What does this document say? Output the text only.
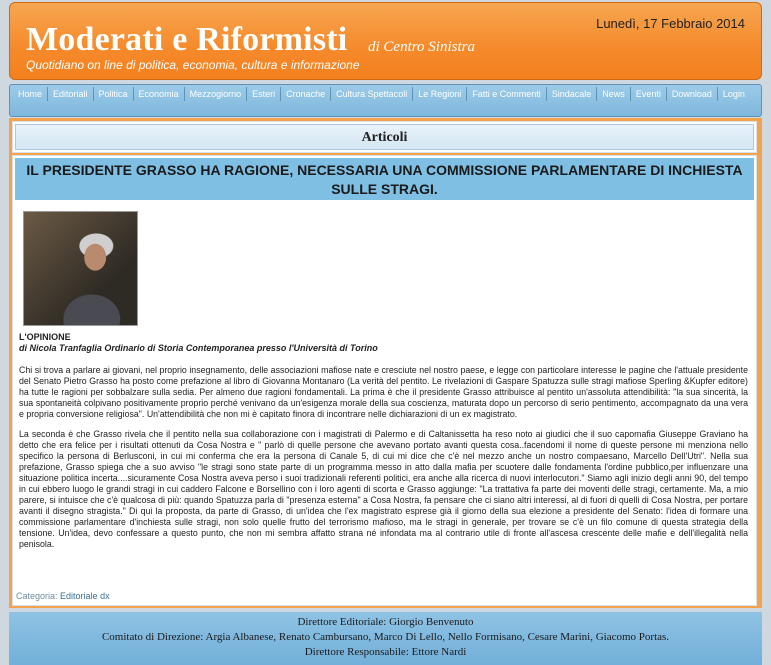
Moderati e Riformisti di Centro Sinistra
Quotidiano on line di politica, economia, cultura e informazione
Lunedì, 17 Febbraio 2014
Home	Editoriali	Politica	Economia	Mezzogiorno	Esteri	Cronache	Cultura Spettacoli	Le Regioni	Fatti e Commenti	Sindacale	News	Eventi	Download	Login
Articoli
IL PRESIDENTE GRASSO HA RAGIONE, NECESSARIA UNA COMMISSIONE PARLAMENTARE DI INCHIESTA SULLE STRAGI.
L'OPINIONE
di Nicola Tranfaglia Ordinario di Storia Contemporanea presso l'Università di Torino

Chi si trova a parlare ai giovani, nel proprio insegnamento, delle associazioni mafiose nate e cresciute nel nostro paese, e legge con particolare interesse le pagine che l'attuale presidente del Senato Pietro Grasso ha posto come prefazione al libro di Giovanna Montanaro (La verità del pentito. Le rivelazioni di Gaspare Spatuzza sulle stragi mafiose Sperling &Kupfer editore) ha tutte le ragioni per sobbalzare sulla sedia. Per almeno due ragioni fondamentali. La prima è che il presidente Grasso attribuisce al pentito un'assoluta attendibilità: "la sua sincerità, la sua spontaneità colpivano positivamente proprio perché venivano da un'esigenza morale della sua coscienza, maturata dopo un percorso di serio pentimento, accompagnato da una vera e propria conversione religiosa". Un'attendibilità che non mi è capitato finora di incontrare nelle dichiarazioni di un ex magistrato.

La seconda è che Grasso rivela che il pentito nella sua collaborazione con i magistrati di Palermo e di Caltanissetta ha reso noto ai giudici che il suo capomafia Giuseppe Graviano ha detto che era felice per i risultati ottenuti da Cosa Nostra e " parlò di quelle persone che avevano portato avanti questa cosa..facendomi il nome di queste persone mi menziona nello specifico la persona di Berlusconi, in cui mi conferma che era la persona di Canale 5, di cui mi dice che c'è nel mezzo anche un nostro compaesano, Marcello Dell'Utri". Nella sua prefazione, Grasso spiega che a suo avviso "le stragi sono state parte di un programma messo in atto dalla mafia per scuotere dalle fondamenta l'ordine pubblico,per influenzare una situazione politica incerta....sicuramente Cosa Nostra aveva perso i suoi tradizionali referenti politici, era anche alla ricerca di nuovi interlocutori." Siamo agli inizio degli anni 90, del tempo in cui ebbero luogo le grandi stragi in cui caddero Falcone e Borsellino con i loro agenti di scorta e Grasso aggiunge: "La trattativa fa parte dei moventi delle stragi, certamente. Ma, a mio parere, si intuisce che c'è qualcosa di più: quando Spatuzza parla di "presenza esterna" a Cosa Nostra, fa pensare che ci siano altri interessi, al di fuori di quelli di Cosa Nostra, per portare avanti il disegno stragista." Di qui la proposta, da parte di Grasso, di un'idea che l'ex magistrato esprese già il giorno della sua elezione a presidente del Senato: l'idea di formare una commissione parlamentare d'inchiesta sulle stragi, non solo quelle frutto del terrorismo mafioso, ma le stragi in generale, per trovare se c'è un filo comune di questa strategia della tensione. Un'idea, devo confessare a questo punto, che non mi sembra affatto strana né infondata ma al contrario utile di fronte all'ascesa crescente delle mafie e dell'illegalità nella penisola.

Categoria: Editoriale dx
Direttore Editoriale: Giorgio Benvenuto
Comitato di Direzione: Argia Albanese, Renato Cambursano, Marco Di Lello, Nello Formisano, Cesare Marini, Giacomo Portas.
Direttore Responsabile: Ettore Nardi
